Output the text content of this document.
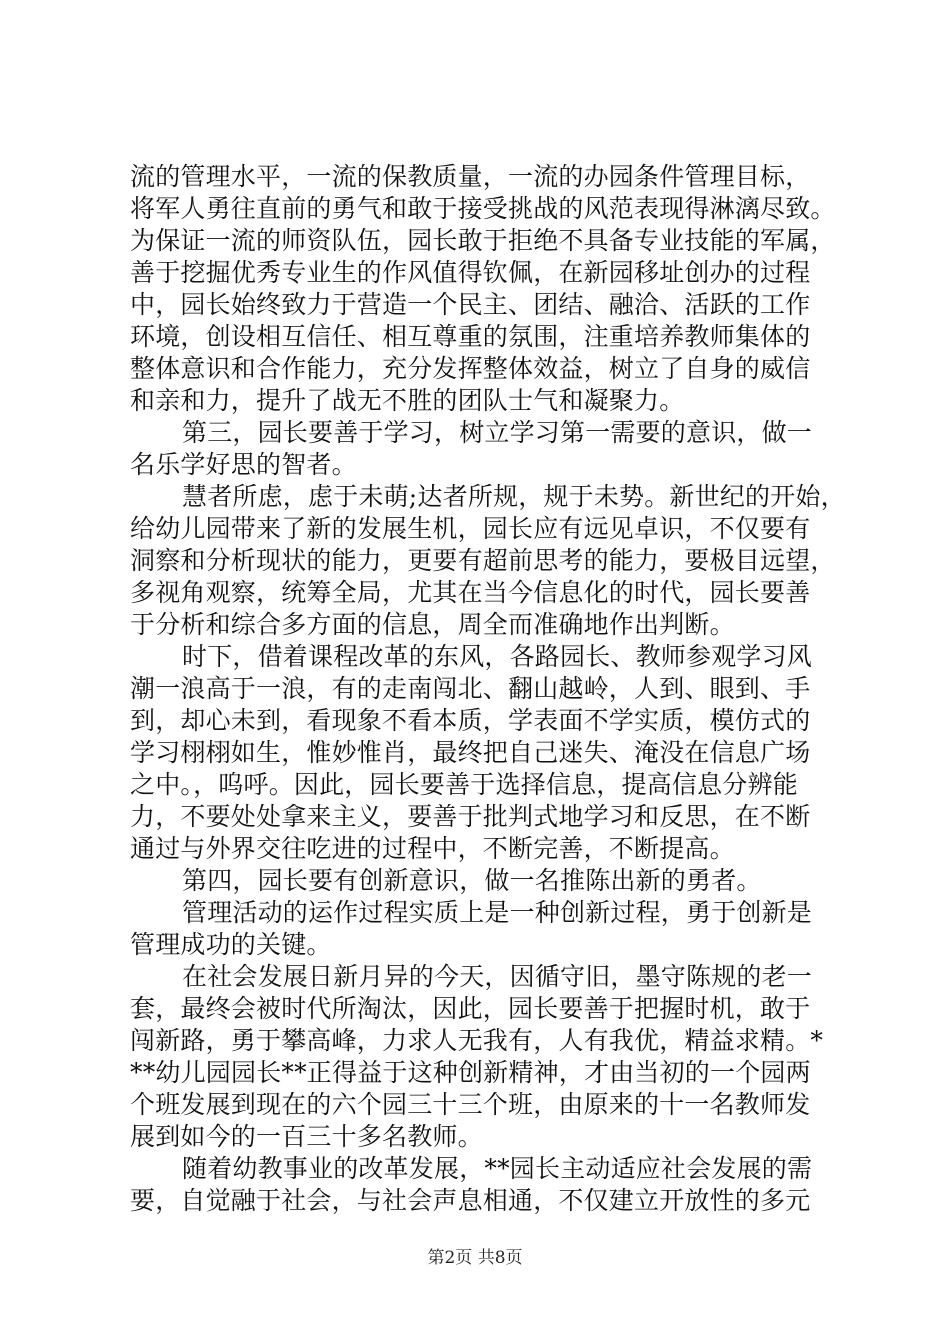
流的管理水平，一流的保教质量，一流的办园条件管理目标，
将军人勇往直前的勇气和敢于接受挑战的风范表现得淋漓尽致。
为保证一流的师资队伍，园长敢于拒绝不具备专业技能的军属，
善于挖掘优秀专业生的作风值得钦佩，在新园移址创办的过程
中，园长始终致力于营造一个民主、团结、融洽、活跃的工作
环境，创设相互信任、相互尊重的氛围，注重培养教师集体的
整体意识和合作能力，充分发挥整体效益，树立了自身的威信
和亲和力，提升了战无不胜的团队士气和凝聚力。
第三，园长要善于学习，树立学习第一需要的意识，做一
名乐学好思的智者。
慧者所虑，虑于未萌;达者所规，规于未势。新世纪的开始，
给幼儿园带来了新的发展生机，园长应有远见卓识，不仅要有
洞察和分析现状的能力，更要有超前思考的能力，要极目远望，
多视角观察，统筹全局，尤其在当今信息化的时代，园长要善
于分析和综合多方面的信息，周全而准确地作出判断。
时下，借着课程改革的东风，各路园长、教师参观学习风
潮一浪高于一浪，有的走南闯北、翻山越岭，人到、眼到、手
到，却心未到，看现象不看本质，学表面不学实质，模仿式的
学习栩栩如生，惟妙惟肖，最终把自己迷失、淹没在信息广场
之中。，呜呼。因此，园长要善于选择信息，提高信息分辨能
力，不要处处拿来主义，要善于批判式地学习和反思，在不断
通过与外界交往吃进的过程中，不断完善，不断提高。
第四，园长要有创新意识，做一名推陈出新的勇者。
管理活动的运作过程实质上是一种创新过程，勇于创新是
管理成功的关键。
在社会发展日新月异的今天，因循守旧，墨守陈规的老一
套，最终会被时代所淘汰，因此，园长要善于把握时机，敢于
闯新路，勇于攀高峰，力求人无我有，人有我优，精益求精。*
**幼儿园园长**正得益于这种创新精神，才由当初的一个园两
个班发展到现在的六个园三十三个班，由原来的十一名教师发
展到如今的一百三十多名教师。
随着幼教事业的改革发展，**园长主动适应社会发展的需
要，自觉融于社会，与社会声息相通，不仅建立开放性的多元
第2页 共8页
